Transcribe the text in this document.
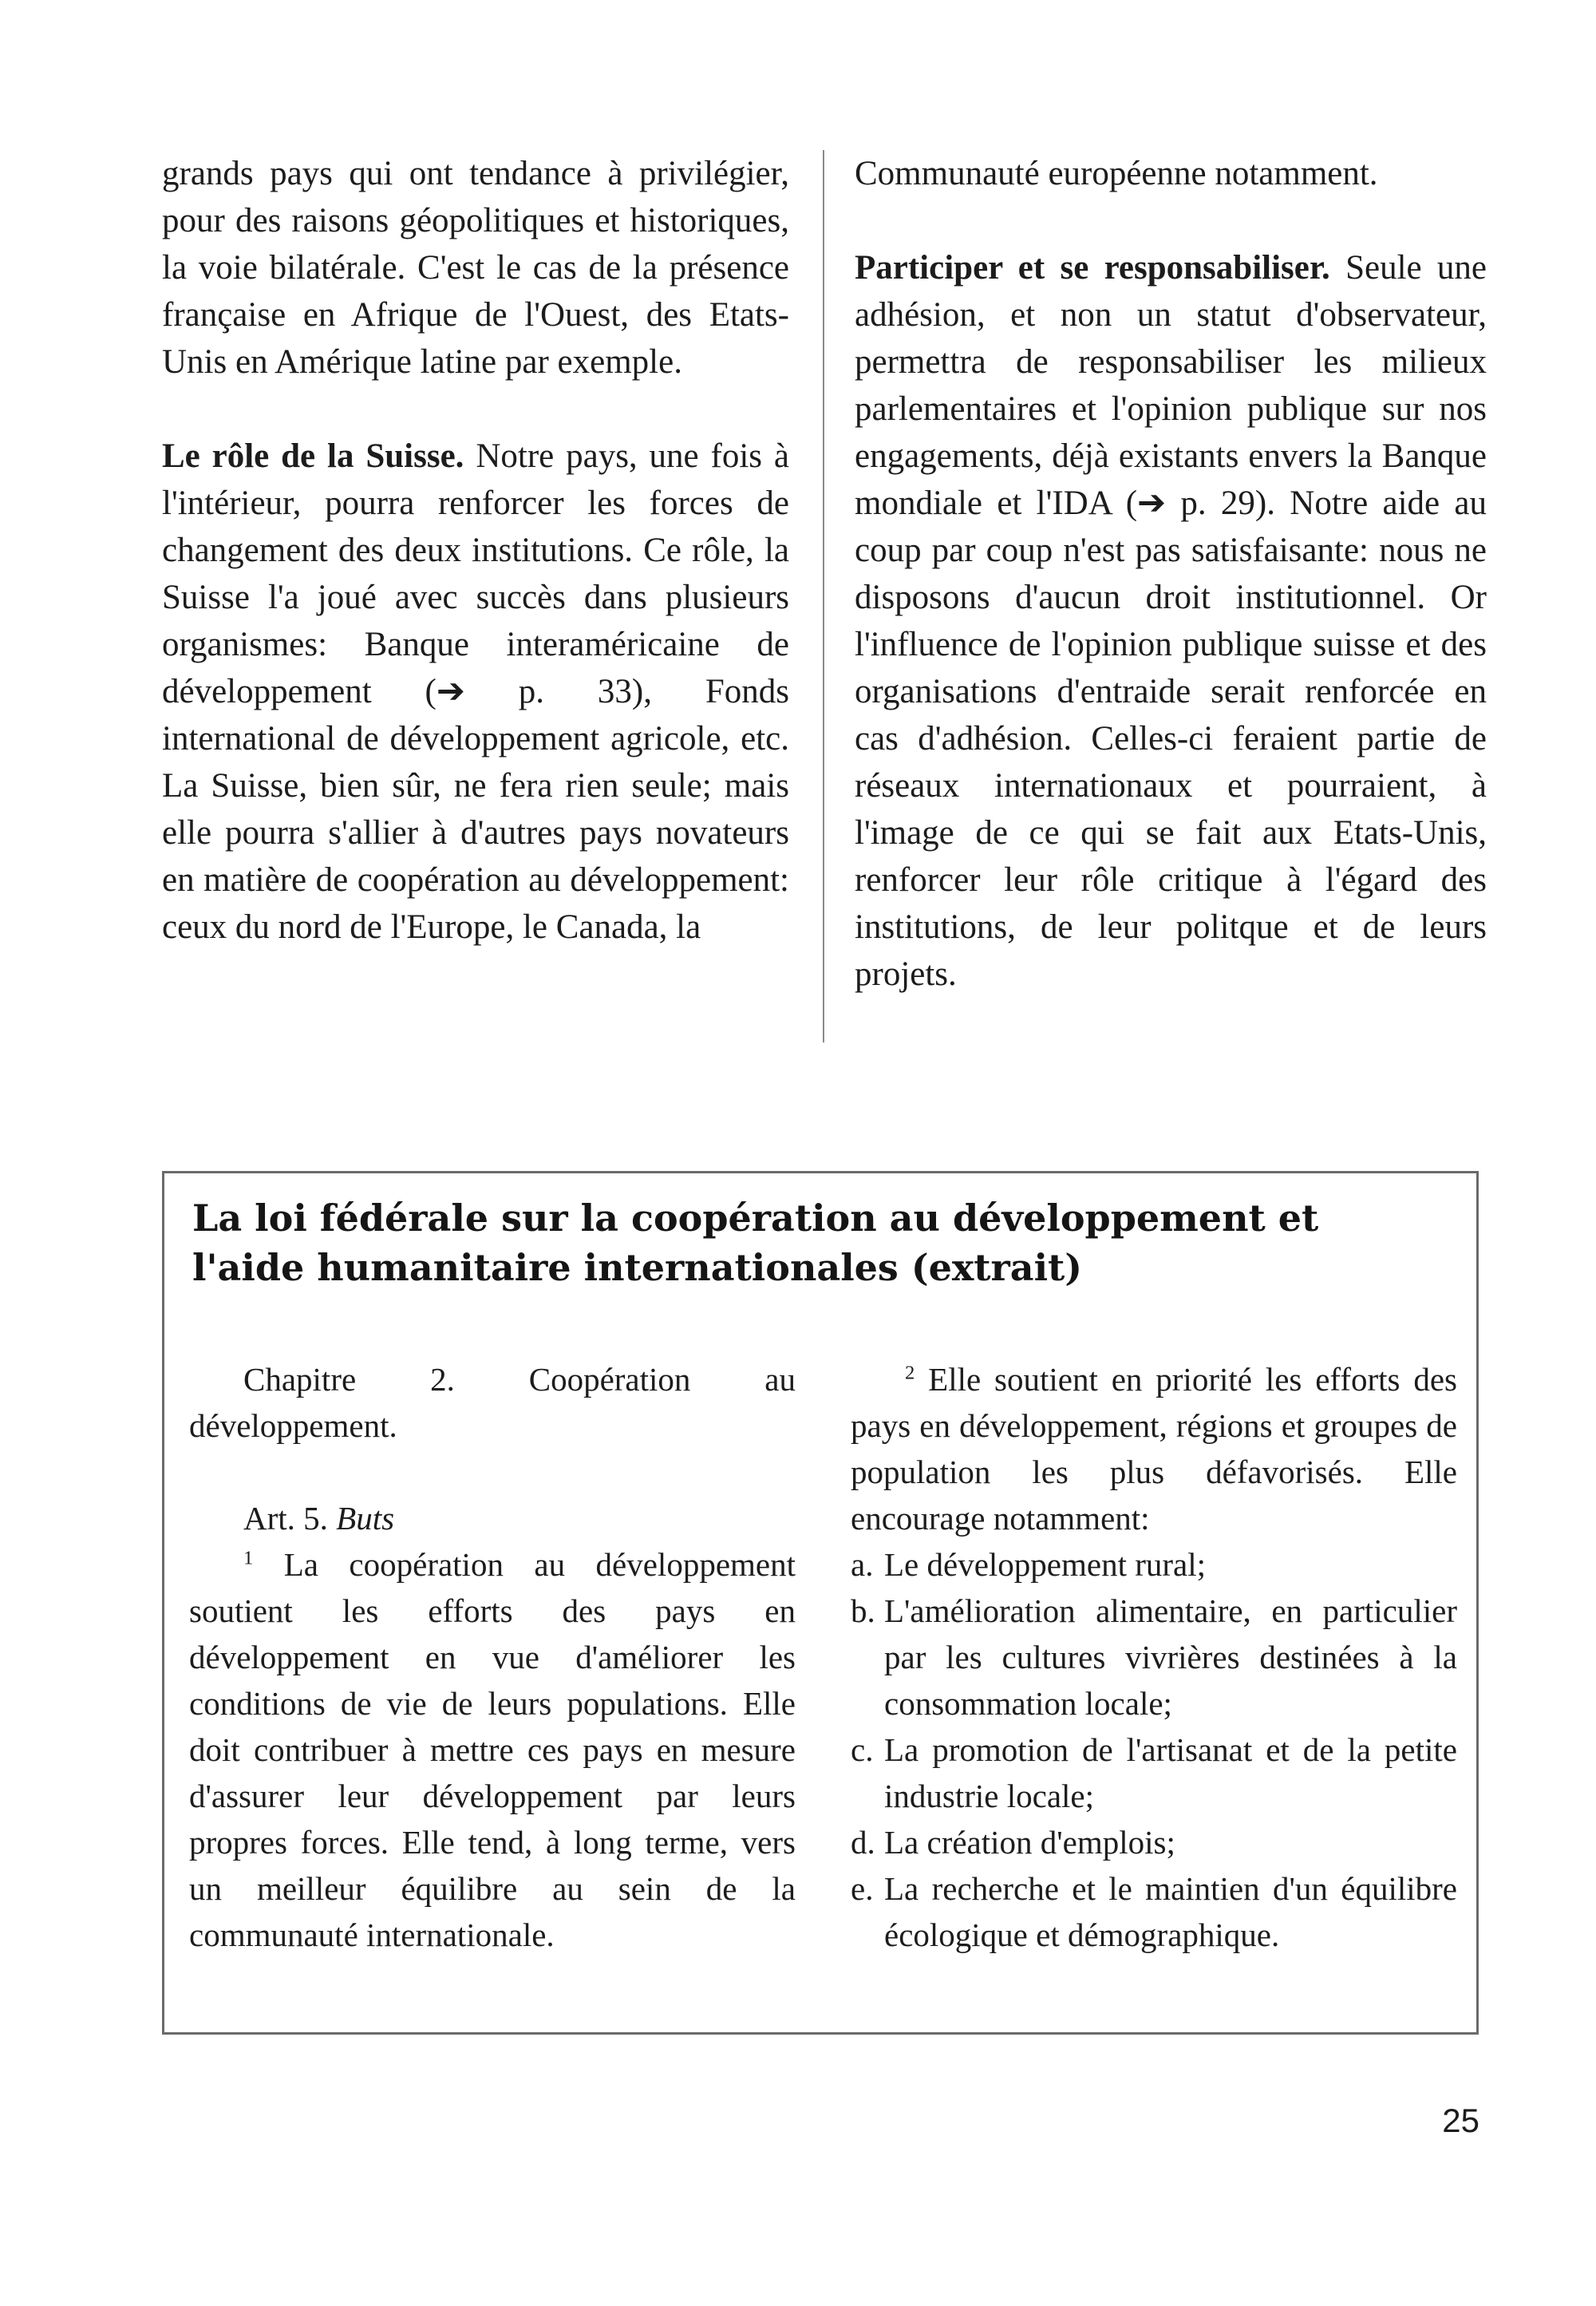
grands pays qui ont tendance à privilégier, pour des raisons géopolitiques et historiques, la voie bilatérale. C'est le cas de la présence française en Afrique de l'Ouest, des Etats-Unis en Amérique latine par exemple.

Le rôle de la Suisse. Notre pays, une fois à l'intérieur, pourra renforcer les forces de changement des deux institutions. Ce rôle, la Suisse l'a joué avec succès dans plusieurs organismes: Banque interaméricaine de développement (➔ p. 33), Fonds international de développement agricole, etc. La Suisse, bien sûr, ne fera rien seule; mais elle pourra s'allier à d'autres pays novateurs en matière de coopération au développement: ceux du nord de l'Europe, le Canada, la

Communauté européenne notamment.

Participer et se responsabiliser. Seule une adhésion, et non un statut d'observateur, permettra de responsabiliser les milieux parlementaires et l'opinion publique sur nos engagements, déjà existants envers la Banque mondiale et l'IDA (➔ p. 29). Notre aide au coup par coup n'est pas satisfaisante: nous ne disposons d'aucun droit institutionnel. Or l'influence de l'opinion publique suisse et des organisations d'entraide serait renforcée en cas d'adhésion. Celles-ci feraient partie de réseaux internationaux et pourraient, à l'image de ce qui se fait aux Etats-Unis, renforcer leur rôle critique à l'égard des institutions, de leur politque et de leurs projets.

La loi fédérale sur la coopération au développement et l'aide humanitaire internationales (extrait)

Chapitre 2. Coopération au développement.

Art. 5. Buts

$^1$ La coopération au développement soutient les efforts des pays en développement en vue d'améliorer les conditions de vie de leurs populations. Elle doit contribuer à mettre ces pays en mesure d'assurer leur développement par leurs propres forces. Elle tend, à long terme, vers un meilleur équilibre au sein de la communauté internationale.

$^2$ Elle soutient en priorité les efforts des pays en développement, régions et groupes de population les plus défavorisés. Elle encourage notamment:

a. Le développement rural;
b. L'amélioration alimentaire, en particulier par les cultures vivrières destinées à la consommation locale;
c. La promotion de l'artisanat et de la petite industrie locale;
d. La création d'emplois;
e. La recherche et le maintien d'un équilibre écologique et démographique.
25
